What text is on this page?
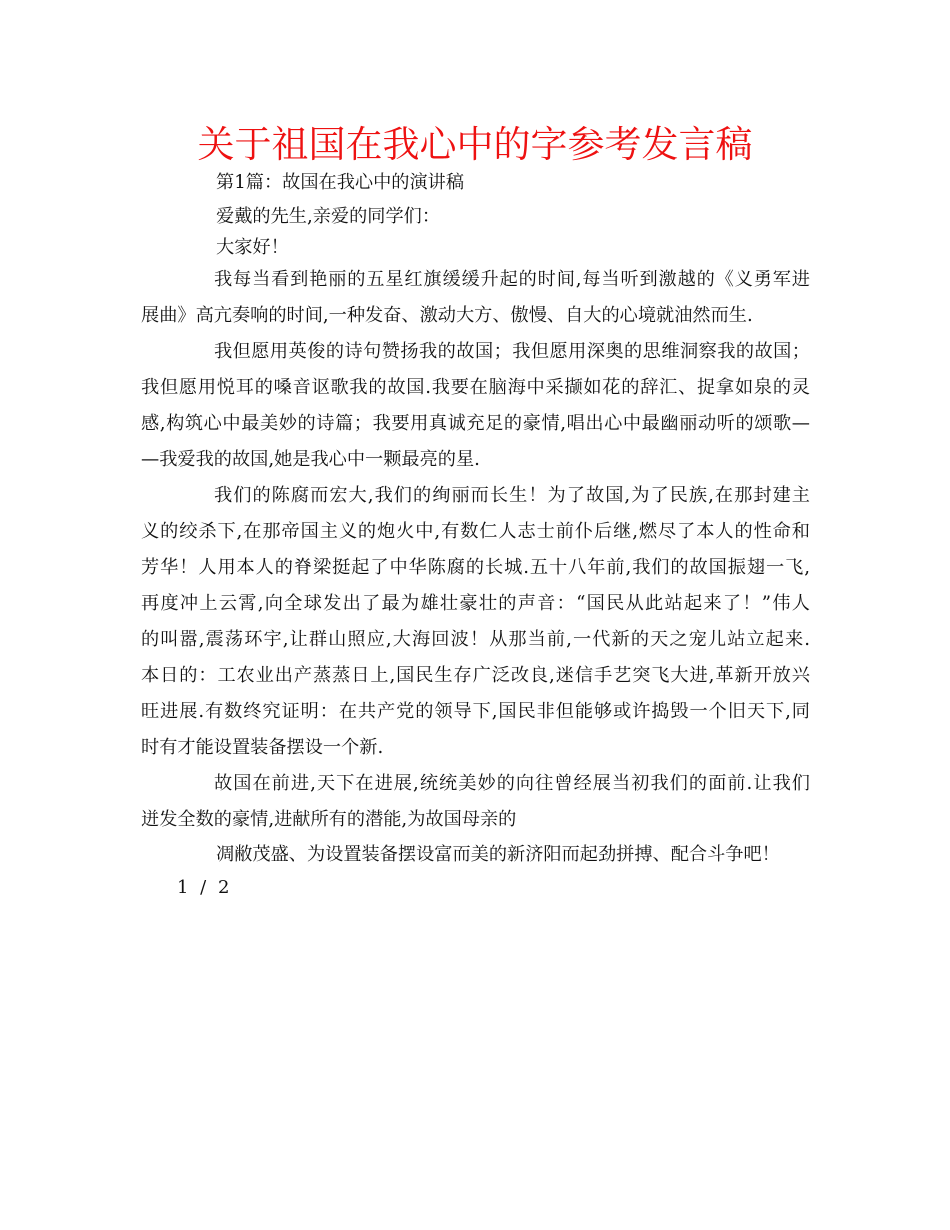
关于祖国在我心中的字参考发言稿

第1篇：故国在我心中的演讲稿

爱戴的先生,亲爱的同学们：

大家好！

我每当看到艳丽的五星红旗缓缓升起的时间,每当听到激越的《义勇军进

展曲》高亢奏响的时间,一种发奋、激动大方、傲慢、自大的心境就油然而生.

我但愿用英俊的诗句赞扬我的故国；我但愿用深奥的思维洞察我的故国；

我但愿用悦耳的嗓音讴歌我的故国.我要在脑海中采撷如花的辞汇、捉拿如泉的灵

感,构筑心中最美妙的诗篇；我要用真诚充足的豪情,唱出心中最幽丽动听的颂歌—

—我爱我的故国,她是我心中一颗最亮的星.

我们的陈腐而宏大,我们的绚丽而长生！为了故国,为了民族,在那封建主

义的绞杀下,在那帝国主义的炮火中,有数仁人志士前仆后继,燃尽了本人的性命和

芳华！人用本人的脊梁挺起了中华陈腐的长城.五十八年前,我们的故国振翅一飞,

再度冲上云霄,向全球发出了最为雄壮豪壮的声音：“国民从此站起来了！”伟人

的叫嚣,震荡环宇,让群山照应,大海回波！从那当前,一代新的天之宠儿站立起来.

本日的：工农业出产蒸蒸日上,国民生存广泛改良,迷信手艺突飞大进,革新开放兴

旺进展.有数终究证明：在共产党的领导下,国民非但能够或许捣毁一个旧天下,同

时有才能设置装备摆设一个新.

故国在前进,天下在进展,统统美妙的向往曾经展当初我们的面前.让我们

迸发全数的豪情,进献所有的潜能,为故国母亲的

凋敝茂盛、为设置装备摆设富而美的新济阳而起劲拼搏、配合斗争吧！

1 / 2
